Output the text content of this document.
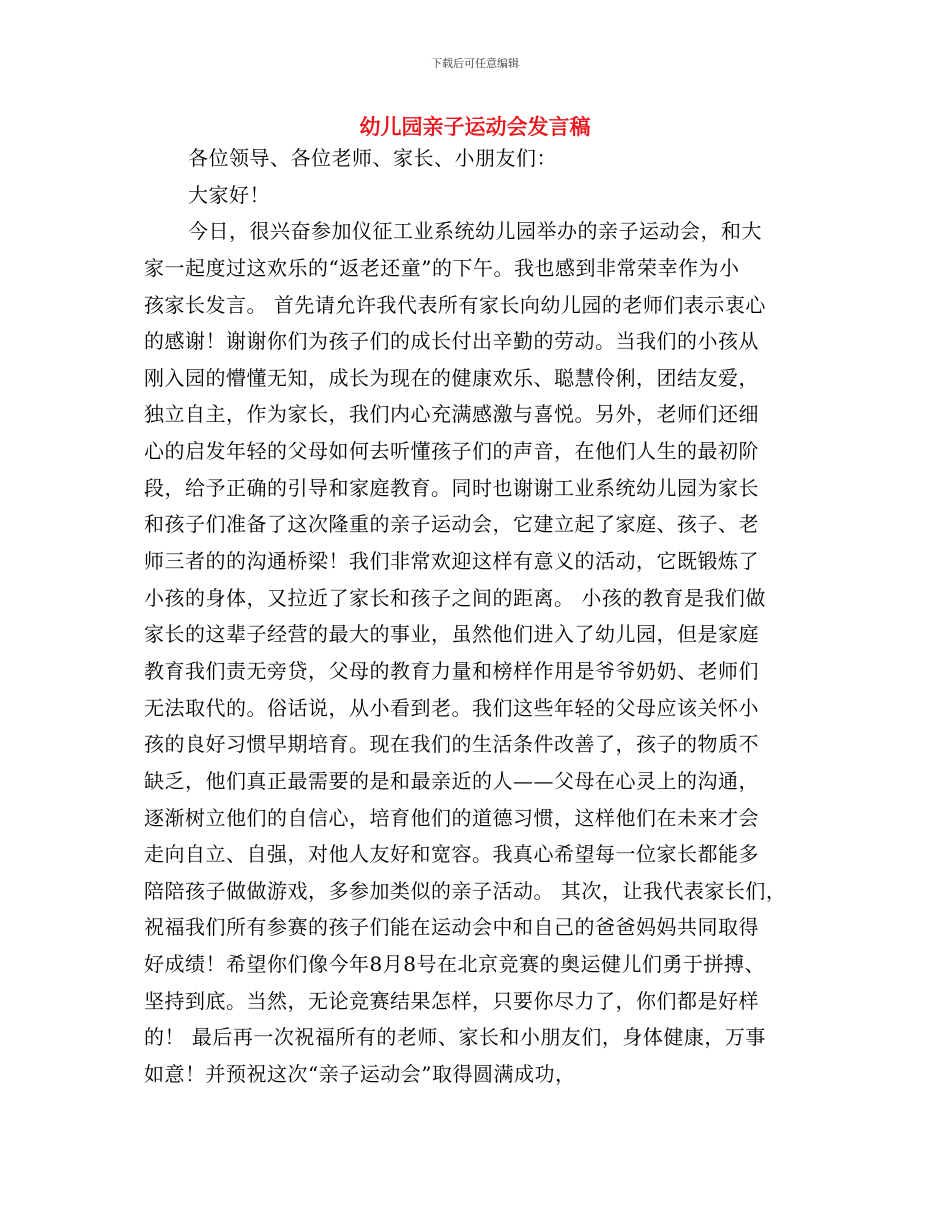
下载后可任意编辑
幼儿园亲子运动会发言稿
各位领导、各位老师、家长、小朋友们：
大家好！
今日，很兴奋参加仪征工业系统幼儿园举办的亲子运动会，和大
家一起度过这欢乐的“返老还童”的下午。我也感到非常荣幸作为小
孩家长发言。 首先请允许我代表所有家长向幼儿园的老师们表示衷心
的感谢！谢谢你们为孩子们的成长付出辛勤的劳动。当我们的小孩从
刚入园的懵懂无知，成长为现在的健康欢乐、聪慧伶俐，团结友爱，
独立自主，作为家长，我们内心充满感激与喜悦。另外，老师们还细
心的启发年轻的父母如何去听懂孩子们的声音，在他们人生的最初阶
段，给予正确的引导和家庭教育。同时也谢谢工业系统幼儿园为家长
和孩子们准备了这次隆重的亲子运动会，它建立起了家庭、孩子、老
师三者的的沟通桥梁！我们非常欢迎这样有意义的活动，它既锻炼了
小孩的身体，又拉近了家长和孩子之间的距离。 小孩的教育是我们做
家长的这辈子经营的最大的事业，虽然他们进入了幼儿园，但是家庭
教育我们责无旁贷，父母的教育力量和榜样作用是爷爷奶奶、老师们
无法取代的。俗话说，从小看到老。我们这些年轻的父母应该关怀小
孩的良好习惯早期培育。现在我们的生活条件改善了，孩子的物质不
缺乏，他们真正最需要的是和最亲近的人——父母在心灵上的沟通，
逐渐树立他们的自信心，培育他们的道德习惯，这样他们在未来才会
走向自立、自强，对他人友好和宽容。我真心希望每一位家长都能多
陪陪孩子做做游戏，多参加类似的亲子活动。 其次，让我代表家长们，
祝福我们所有参赛的孩子们能在运动会中和自己的爸爸妈妈共同取得
好成绩！希望你们像今年8月8号在北京竞赛的奥运健儿们勇于拼搏、
坚持到底。当然，无论竞赛结果怎样，只要你尽力了，你们都是好样
的！ 最后再一次祝福所有的老师、家长和小朋友们，身体健康，万事
如意！并预祝这次“亲子运动会”取得圆满成功，
